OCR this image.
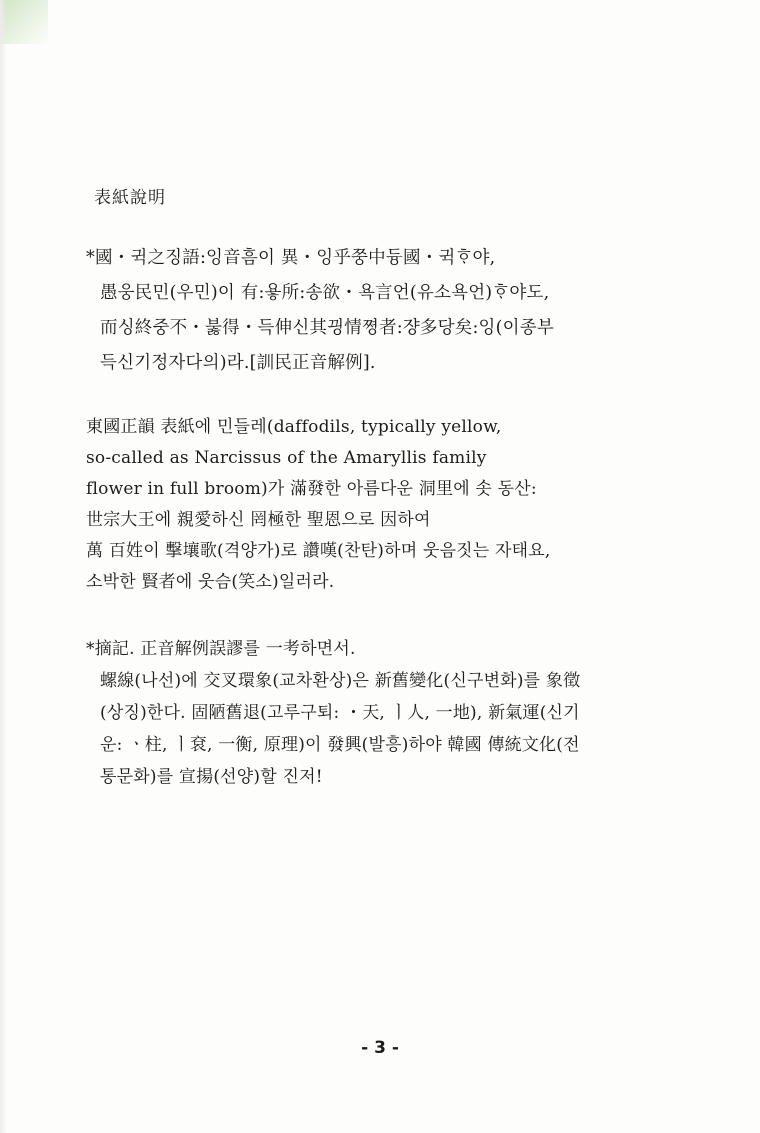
表紙說明
*國・귁之징語:잉音흠이 異・잉乎쭝中듕國・귁ᄒᆞ야,
愚웅民민(우민)이 有:욯所:송欲・욕言언(유소욕언)ᄒᆞ야도,
而싱終중不・붏得・득伸신其끵情쪙者:쟝多당矣:잉(이종부
득신기정자다의)라.[訓民正音解例].
東國正韻 表紙에 민들레(daffodils, typically yellow,
so-called as Narcissus of the Amaryllis family
flower in full broom)가 滿發한 아름다운 洞里에 솟 동산:
世宗大王에 親愛하신 罔極한 聖恩으로 因하여
萬 百姓이 擊壤歌(격양가)로 讚嘆(찬탄)하며 웃음짓는 자태요,
소박한 賢者에 웃슴(笑소)일러라.
*摘記. 正音解例誤謬를 一考하면서.
螺線(나선)에 交叉環象(교차환상)은 新舊變化(신구변화)를 象徵
(상징)한다. 固陋舊退(고루구퇴: ・天, ㅣ人, 一地), 新氣運(신기
운: ㆍ柱, ㅣ袞, 一衡, 原理)이 發興(발흥)하야 韓國 傳統文化(전
통문화)를 宣揚(선양)할 진저!
- 3 -
